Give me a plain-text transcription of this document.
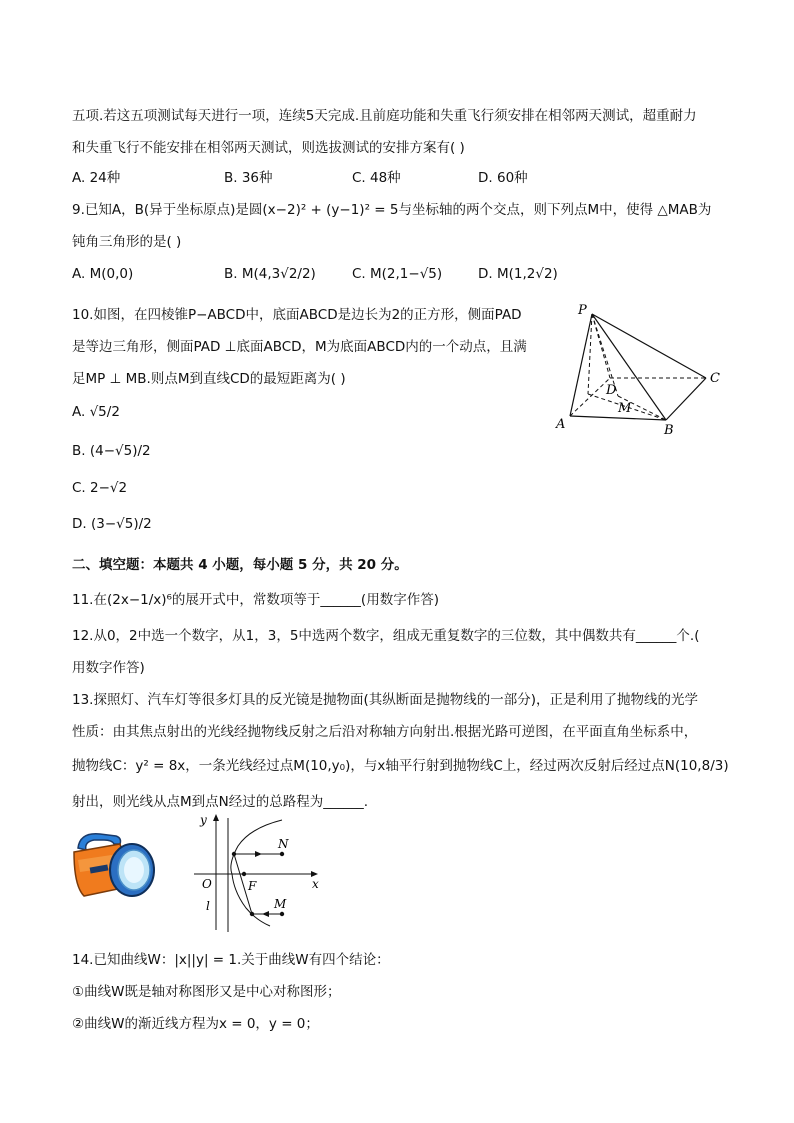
五项.若这五项测试每天进行一项，连续5天完成.且前庭功能和失重飞行须安排在相邻两天测试，超重耐力
和失重飞行不能安排在相邻两天测试，则选拔测试的安排方案有( )
A. 24种	B. 36种	C. 48种	D. 60种
9.已知A，B(异于坐标原点)是圆(x−2)² + (y−1)² = 5与坐标轴的两个交点，则下列点M中，使得 △MAB为
钝角三角形的是( )
A. M(0,0)	B. M(4,3√2/2)	C. M(2,1−√5)	D. M(1,2√2)
10.如图，在四棱锥P−ABCD中，底面ABCD是边长为2的正方形，侧面PAD
是等边三角形，侧面PAD ⊥底面ABCD，M为底面ABCD内的一个动点，且满
足MP ⊥ MB.则点M到直线CD的最短距离为( )
A. √5/2
B. (4−√5)/2
C. 2−√2
D. (3−√5)/2
P
C
D
M
A	B
二、填空题：本题共 4 小题，每小题 5 分，共 20 分。
11.在(2x−1/x)⁶的展开式中，常数项等于______(用数字作答)
12.从0，2中选一个数字，从1，3，5中选两个数字，组成无重复数字的三位数，其中偶数共有______个.(
用数字作答)
13.探照灯、汽车灯等很多灯具的反光镜是抛物面(其纵断面是抛物线的一部分)，正是利用了抛物线的光学
性质：由其焦点射出的光线经抛物线反射之后沿对称轴方向射出.根据光路可逆图，在平面直角坐标系中，
抛物线C：y² = 8x，一条光线经过点M(10,y₀)，与x轴平行射到抛物线C上，经过两次反射后经过点N(10,8/3)
射出，则光线从点M到点N经过的总路程为______.
y
N
O	F	x
l	M
14.已知曲线W：|x||y| = 1.关于曲线W有四个结论：
①曲线W既是轴对称图形又是中心对称图形；
②曲线W的渐近线方程为x = 0，y = 0；
